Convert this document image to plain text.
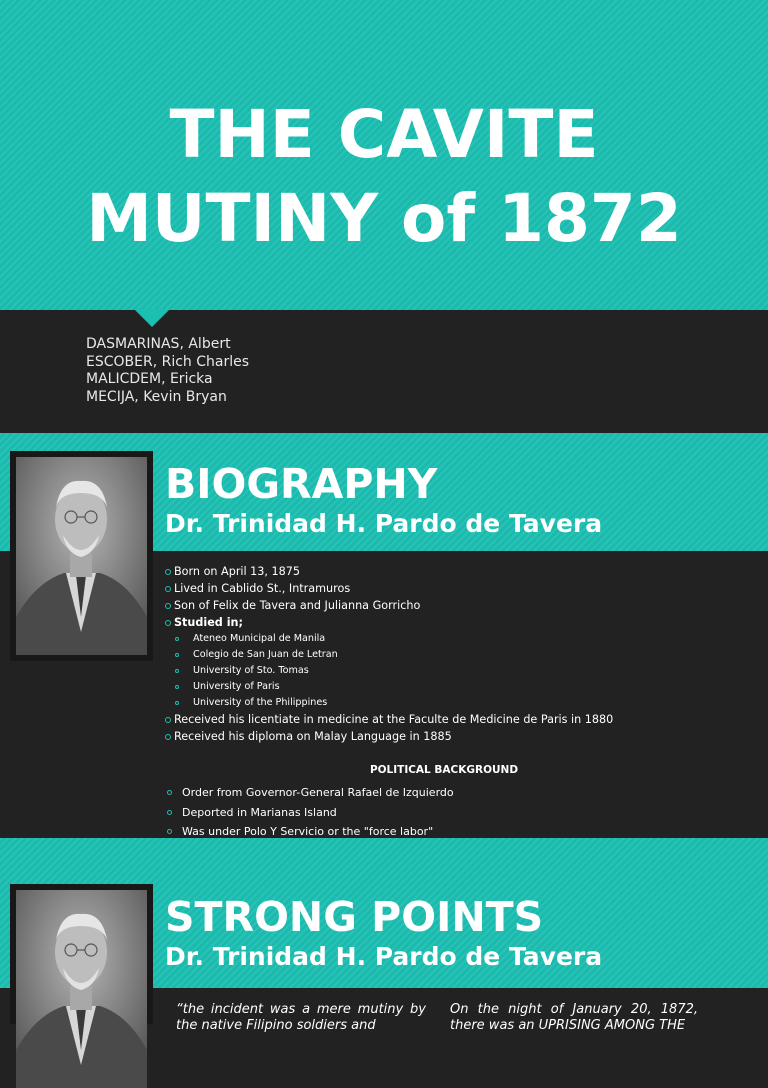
THE CAVITE
MUTINY of 1872
DASMARINAS, Albert
ESCOBER, Rich Charles
MALICDEM, Ericka
MECIJA, Kevin Bryan
BIOGRAPHY
Dr. Trinidad H. Pardo de Tavera
Born on April 13, 1875
Lived in Cablido St., Intramuros
Son of Felix de Tavera and Julianna Gorricho
Studied in;
Ateneo Municipal de Manila
Colegio de San Juan de Letran
University of Sto. Tomas
University of Paris
University of the Philippines
Received his licentiate in medicine at the Faculte de Medicine de Paris in 1880
Received his diploma on Malay Language in 1885
POLITICAL BACKGROUND
Order from Governor-General Rafael de Izquierdo
Deported in Marianas Island
Was under Polo Y Servicio or the "force labor"
STRONG POINTS
Dr. Trinidad H. Pardo de Tavera

“the incident was a mere mutiny by the native Filipino soldiers and

On the night of January 20, 1872, there was an UPRISING AMONG THE
